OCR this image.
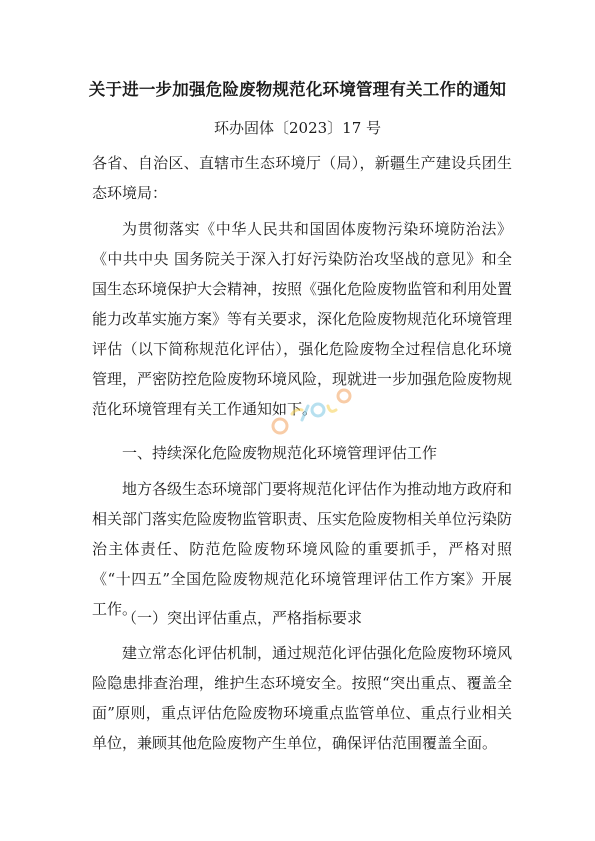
关于进一步加强危险废物规范化环境管理有关工作的通知

环办固体〔2023〕17 号

各省、自治区、直辖市生态环境厅（局），新疆生产建设兵团生态环境局：

为贯彻落实《中华人民共和国固体废物污染环境防治法》《中共中央 国务院关于深入打好污染防治攻坚战的意见》和全国生态环境保护大会精神，按照《强化危险废物监管和利用处置能力改革实施方案》等有关要求，深化危险废物规范化环境管理评估（以下简称规范化评估），强化危险废物全过程信息化环境管理，严密防控危险废物环境风险，现就进一步加强危险废物规范化环境管理有关工作通知如下。

一、持续深化危险废物规范化环境管理评估工作

地方各级生态环境部门要将规范化评估作为推动地方政府和相关部门落实危险废物监管职责、压实危险废物相关单位污染防治主体责任、防范危险废物环境风险的重要抓手，严格对照《“十四五”全国危险废物规范化环境管理评估工作方案》开展工作。

（一）突出评估重点，严格指标要求

建立常态化评估机制，通过规范化评估强化危险废物环境风险隐患排查治理，维护生态环境安全。按照“突出重点、覆盖全面”原则，重点评估危险废物环境重点监管单位、重点行业相关单位，兼顾其他危险废物产生单位，确保评估范围覆盖全面。
